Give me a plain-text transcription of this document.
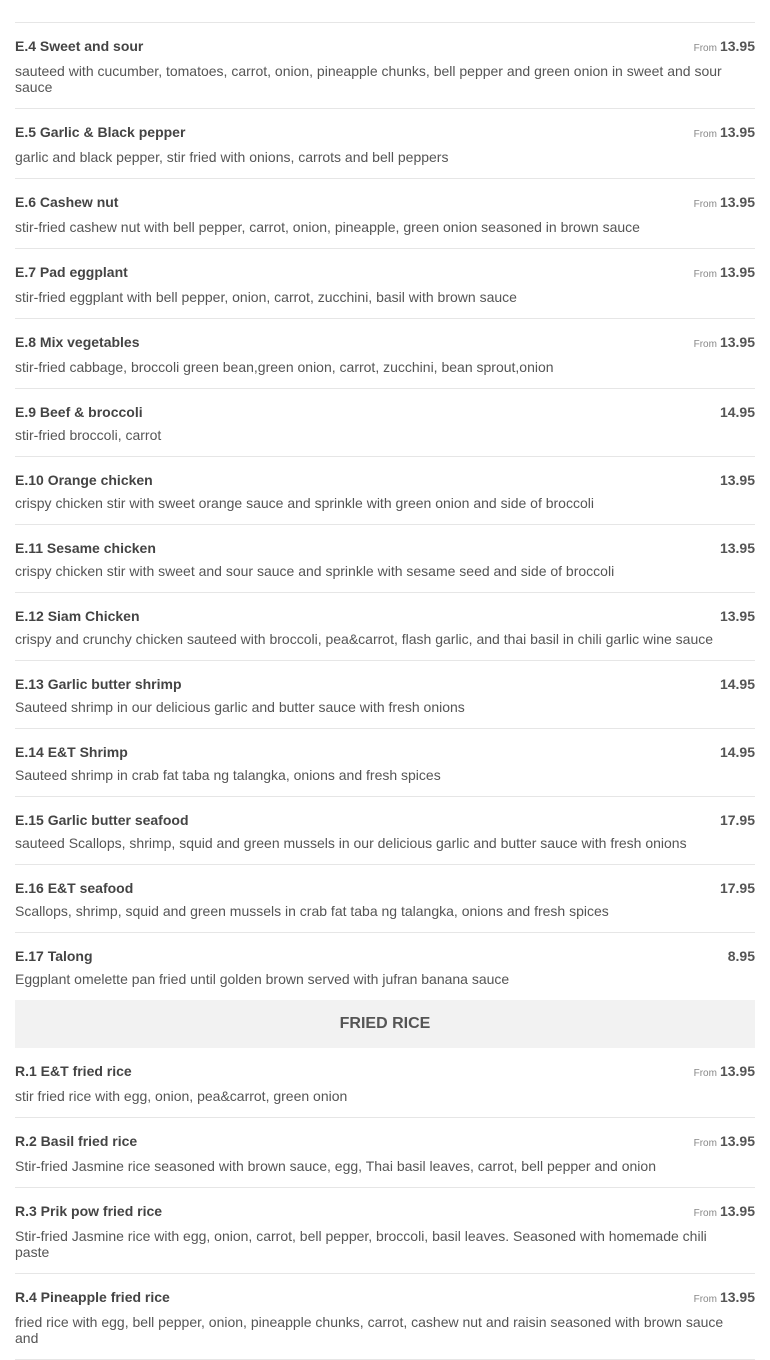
E.4 Sweet and sour	From 13.95
sauteed with cucumber, tomatoes, carrot, onion, pineapple chunks, bell pepper and green onion in sweet and sour sauce
E.5 Garlic & Black pepper	From 13.95
garlic and black pepper, stir fried with onions, carrots and bell peppers
E.6 Cashew nut	From 13.95
stir-fried cashew nut with bell pepper, carrot, onion, pineapple, green onion seasoned in brown sauce
E.7 Pad eggplant	From 13.95
stir-fried eggplant with bell pepper, onion, carrot, zucchini, basil with brown sauce
E.8 Mix vegetables	From 13.95
stir-fried cabbage, broccoli green bean,green onion, carrot, zucchini, bean sprout,onion
E.9 Beef & broccoli	14.95
stir-fried broccoli, carrot
E.10 Orange chicken	13.95
crispy chicken stir with sweet orange sauce and sprinkle with green onion and side of broccoli
E.11 Sesame chicken	13.95
crispy chicken stir with sweet and sour sauce and sprinkle with sesame seed and side of broccoli
E.12 Siam Chicken	13.95
crispy and crunchy chicken sauteed with broccoli, pea&carrot, flash garlic, and thai basil in chili garlic wine sauce
E.13 Garlic butter shrimp	14.95
Sauteed shrimp in our delicious garlic and butter sauce with fresh onions
E.14 E&T Shrimp	14.95
Sauteed shrimp in crab fat taba ng talangka, onions and fresh spices
E.15 Garlic butter seafood	17.95
sauteed Scallops, shrimp, squid and green mussels in our delicious garlic and butter sauce with fresh onions
E.16 E&T seafood	17.95
Scallops, shrimp, squid and green mussels in crab fat taba ng talangka, onions and fresh spices
E.17 Talong	8.95
Eggplant omelette pan fried until golden brown served with jufran banana sauce
FRIED RICE
R.1 E&T fried rice	From 13.95
stir fried rice with egg, onion, pea&carrot, green onion
R.2 Basil fried rice	From 13.95
Stir-fried Jasmine rice seasoned with brown sauce, egg, Thai basil leaves, carrot, bell pepper and onion
R.3 Prik pow fried rice	From 13.95
Stir-fried Jasmine rice with egg, onion, carrot, bell pepper, broccoli, basil leaves. Seasoned with homemade chili paste
R.4 Pineapple fried rice	From 13.95
fried rice with egg, bell pepper, onion, pineapple chunks, carrot, cashew nut and raisin seasoned with brown sauce and
